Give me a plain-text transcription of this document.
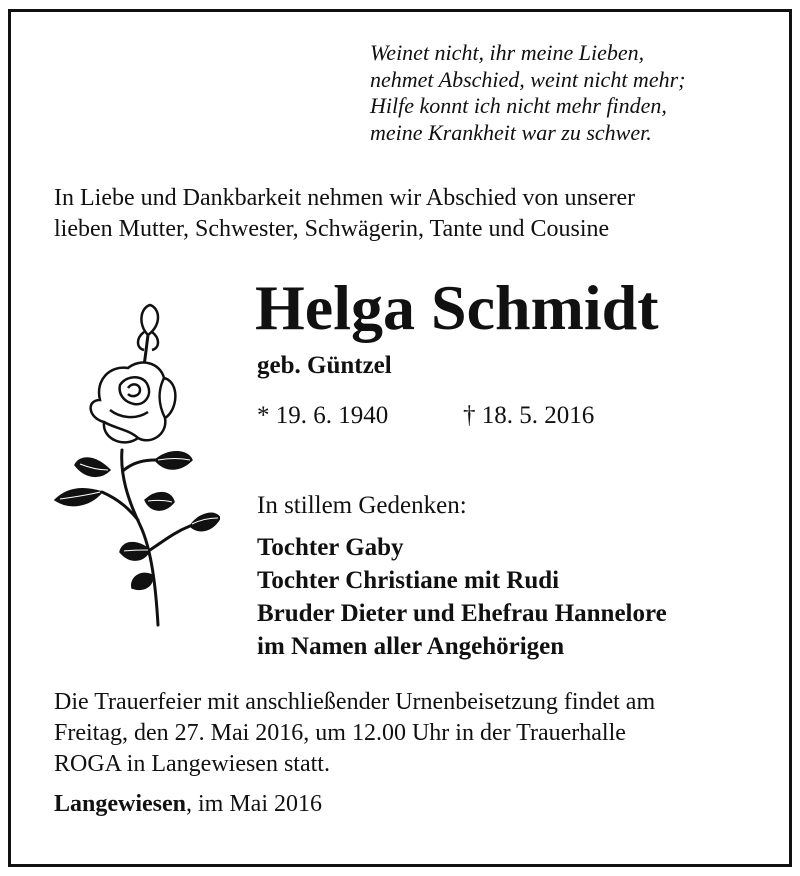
Weinet nicht, ihr meine Lieben,
nehmet Abschied, weint nicht mehr;
Hilfe konnt ich nicht mehr finden,
meine Krankheit war zu schwer.
In Liebe und Dankbarkeit nehmen wir Abschied von unserer
lieben Mutter, Schwester, Schwägerin, Tante und Cousine
Helga Schmidt
geb. Güntzel
* 19. 6. 1940	† 18. 5. 2016
In stillem Gedenken:
Tochter Gaby
Tochter Christiane mit Rudi
Bruder Dieter und Ehefrau Hannelore
im Namen aller Angehörigen
Die Trauerfeier mit anschließender Urnenbeisetzung findet am
Freitag, den 27. Mai 2016, um 12.00 Uhr in der Trauerhalle
ROGA in Langewiesen statt.
Langewiesen, im Mai 2016
